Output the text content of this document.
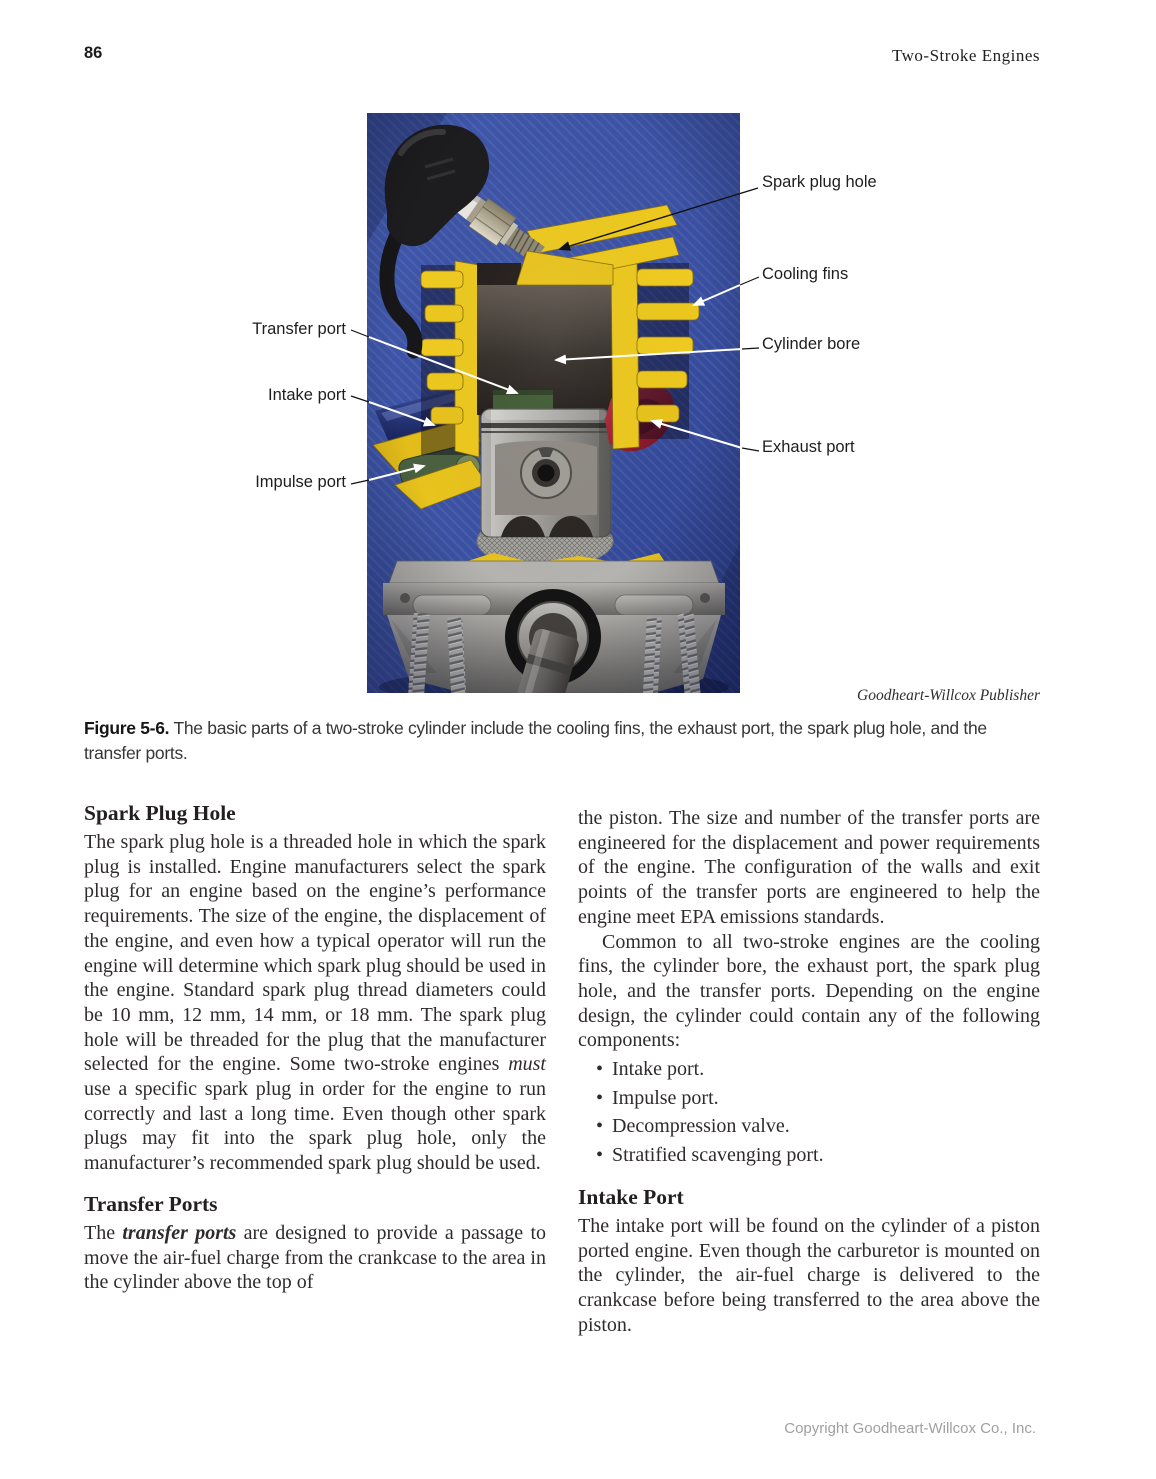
86	Two-Stroke Engines
Spark plug hole
Cooling fins
Cylinder bore
Exhaust port
Transfer port
Intake port
Impulse port
Goodheart-Willcox Publisher
Figure 5-6. The basic parts of a two-stroke cylinder include the cooling fins, the exhaust port, the spark plug hole, and the transfer ports.
Spark Plug Hole

The spark plug hole is a threaded hole in which the spark plug is installed. Engine manufacturers select the spark plug for an engine based on the engine’s performance requirements. The size of the engine, the displacement of the engine, and even how a typical operator will run the engine will determine which spark plug should be used in the engine. Standard spark plug thread diameters could be 10 mm, 12 mm, 14 mm, or 18 mm. The spark plug hole will be threaded for the plug that the manufacturer selected for the engine. Some two-stroke engines must use a specific spark plug in order for the engine to run correctly and last a long time. Even though other spark plugs may fit into the spark plug hole, only the manufacturer’s recommended spark plug should be used.

Transfer Ports

The transfer ports are designed to provide a passage to move the air-fuel charge from the crankcase to the area in the cylinder above the top of

the piston. The size and number of the transfer ports are engineered for the displacement and power requirements of the engine. The configuration of the walls and exit points of the transfer ports are engineered to help the engine meet EPA emissions standards.

Common to all two-stroke engines are the cooling fins, the cylinder bore, the exhaust port, the spark plug hole, and the transfer ports. Depending on the engine design, the cylinder could contain any of the following components:

• Intake port.
• Impulse port.
• Decompression valve.
• Stratified scavenging port.
Intake Port

The intake port will be found on the cylinder of a piston ported engine. Even though the carburetor is mounted on the cylinder, the air-fuel charge is delivered to the crankcase before being transferred to the area above the piston.

Copyright Goodheart-Willcox Co., Inc.
